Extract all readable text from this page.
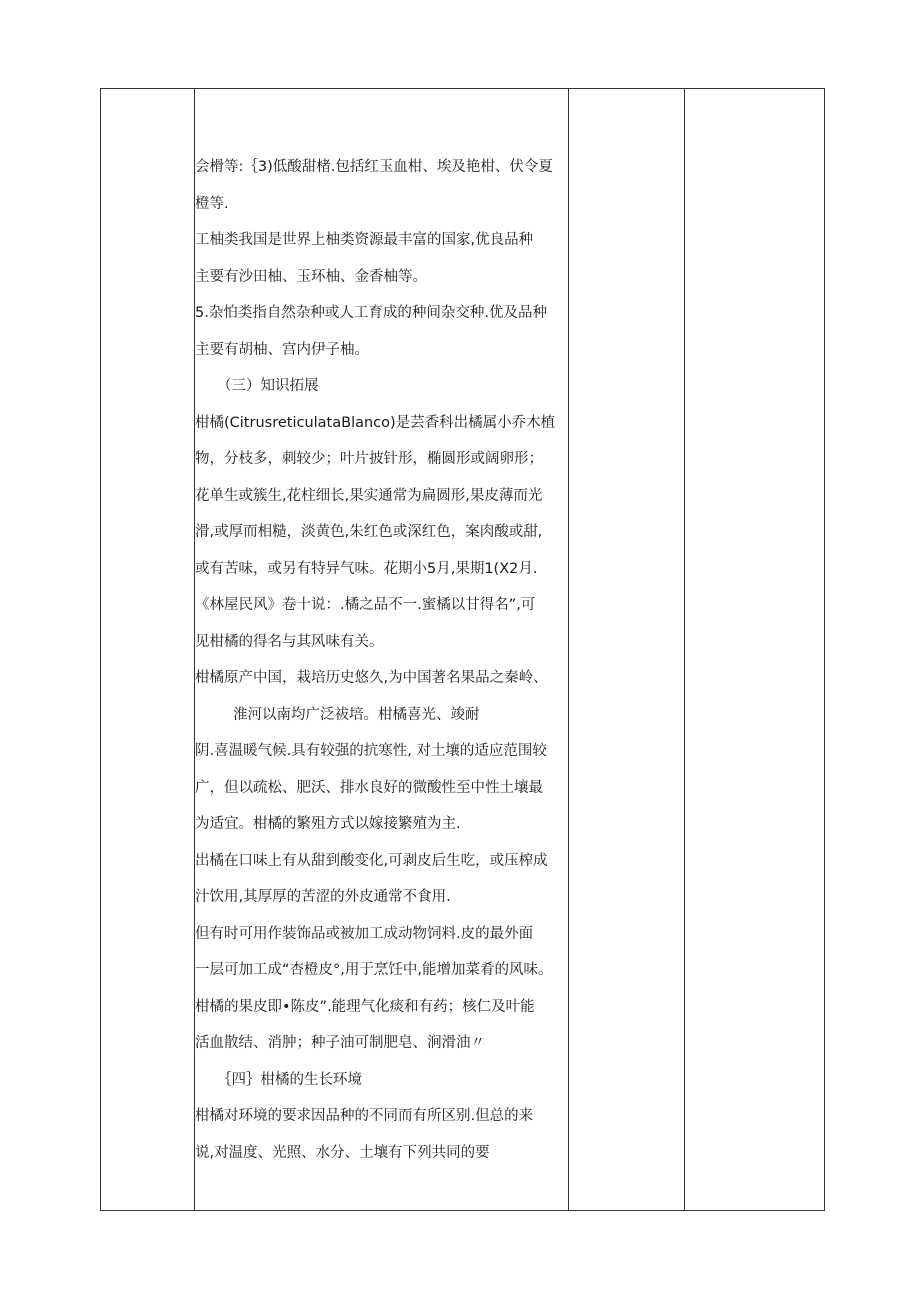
会榾等:｛3)低酸甜楮.包括红玉血柑、埃及艳柑、伏令夏
橙等.
工柚类我国是世界上柚类资源最丰富的国家,优良品种
主要有沙田柚、玉环柚、金香柚等。
5.杂怕类指自然杂种或人工育成的种间杂交种.优及品种
主要有胡柚、宫内伊子柚。
（三）知识拓展
柑橘(CitrusreticulataBlanco)是芸香科岀橘属小乔木植
物，分枝多，刺较少；叶片披针形，椭圆形或阔卵形；
花单生或簇生,花柱细长,果实通常为扁圆形,果皮薄而光
滑,或厚而相糙，淡黄色,朱红色或深红色，案肉酸或甜,
或有苦味，或另有特异气味。花期小5月,果期1(X2月.
《林屋民风》卷十说：.橘之品不一.蜜橘以甘得名”,可
见柑橘的得名与其风味有关。
柑橘原产中国，栽培历史悠久,为中国著名果品之秦岭、
淮河以南均广泛祓培。柑橘喜光、竣耐
阴.喜温暖气候.具有较强的抗寒性, 对土壤的适应范围较
广，但以疏松、肥沃、排水良好的微酸性至中性土壤最
为适宜。柑橘的繁殂方式以嫁接繁殖为主.
岀橘在口味上有从甜到酸变化,可剥皮后生吃，或压榨成
汁饮用,其厚厚的苦涩的外皮通常不食用.
但有时可用作装饰品或被加工成动物饲料.皮的最外面
一层可加工成“杏橙皮°,用于烹饪中,能增加菜肴的风味。
柑橘的果皮即•陈皮”.能理气化痰和有药；核仁及叶能
活血散结、消肿；种子油可制肥皂、涧滑油〃
｛四｝柑橘的生长环境
柑橘对环境的要求因品种的不同而有所区别.但总的来
说,对温度、光照、水分、土壤有下列共同的要
